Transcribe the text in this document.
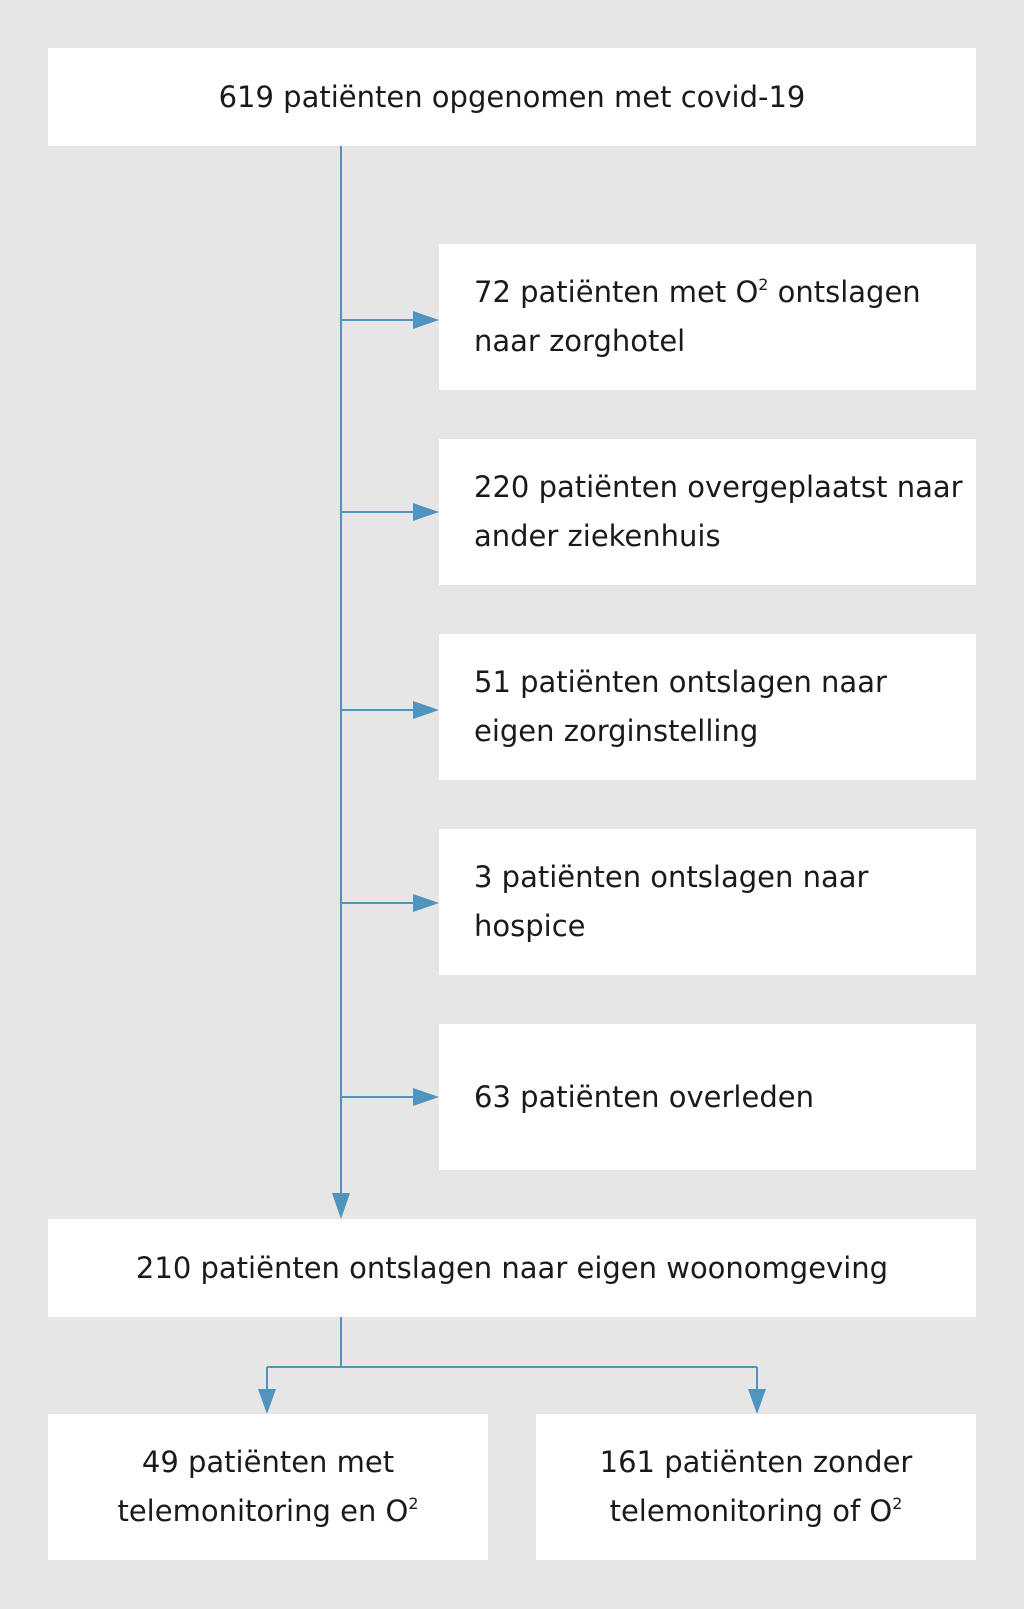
619 patiënten opgenomen met covid-19
72 patiënten met $O^2$ ontslagen
naar zorghotel
220 patiënten overgeplaatst naar
ander ziekenhuis
51 patiënten ontslagen naar
eigen zorginstelling
3 patiënten ontslagen naar
hospice
63 patiënten overleden
210 patiënten ontslagen naar eigen woonomgeving
49 patiënten met
telemonitoring en $O^2$
161 patiënten zonder
telemonitoring of $O^2$
